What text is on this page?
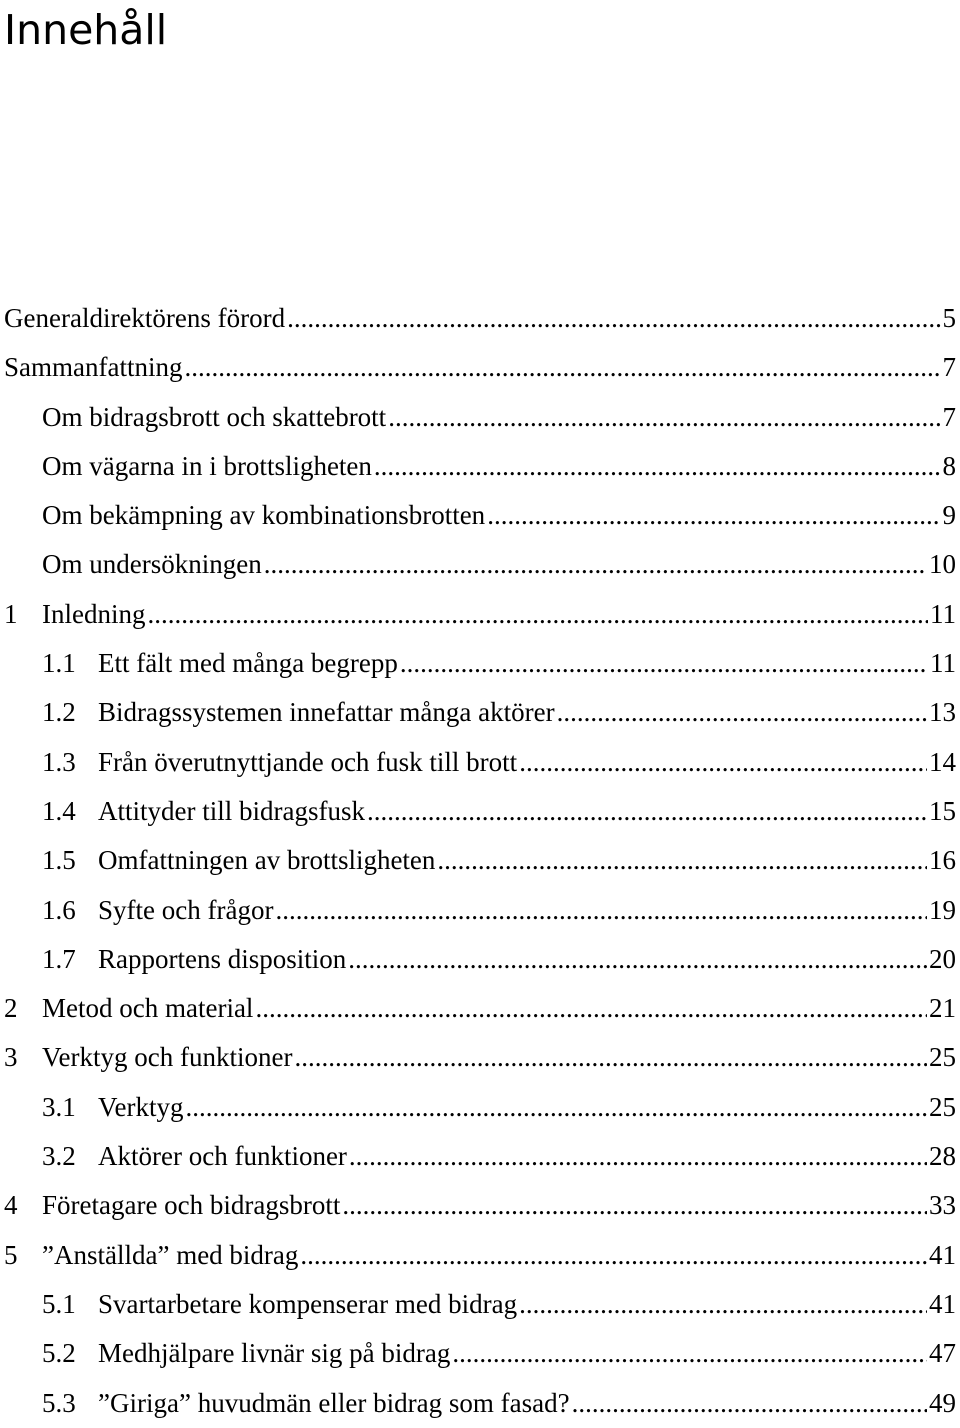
Innehåll
Generaldirektörens förord .....	5
Sammanfattning .....	7
Om bidragsbrott och skattebrott .....	7
Om vägarna in i brottsligheten .....	8
Om bekämpning av kombinationsbrotten .....	9
Om undersökningen .....	10
1 Inledning .....	11
1.1 Ett fält med många begrepp .....	11
1.2 Bidragssystemen innefattar många aktörer .....	13
1.3 Från överutnyttjande och fusk till brott .....	14
1.4 Attityder till bidragsfusk .....	15
1.5 Omfattningen av brottsligheten .....	16
1.6 Syfte och frågor .....	19
1.7 Rapportens disposition .....	20
2 Metod och material .....	21
3 Verktyg och funktioner .....	25
3.1 Verktyg .....	25
3.2 Aktörer och funktioner .....	28
4 Företagare och bidragsbrott .....	33
5 ”Anställda” med bidrag .....	41
5.1 Svartarbetare kompenserar med bidrag .....	41
5.2 Medhjälpare livnär sig på bidrag .....	47
5.3 ”Giriga” huvudmän eller bidrag som fasad? .....	49
